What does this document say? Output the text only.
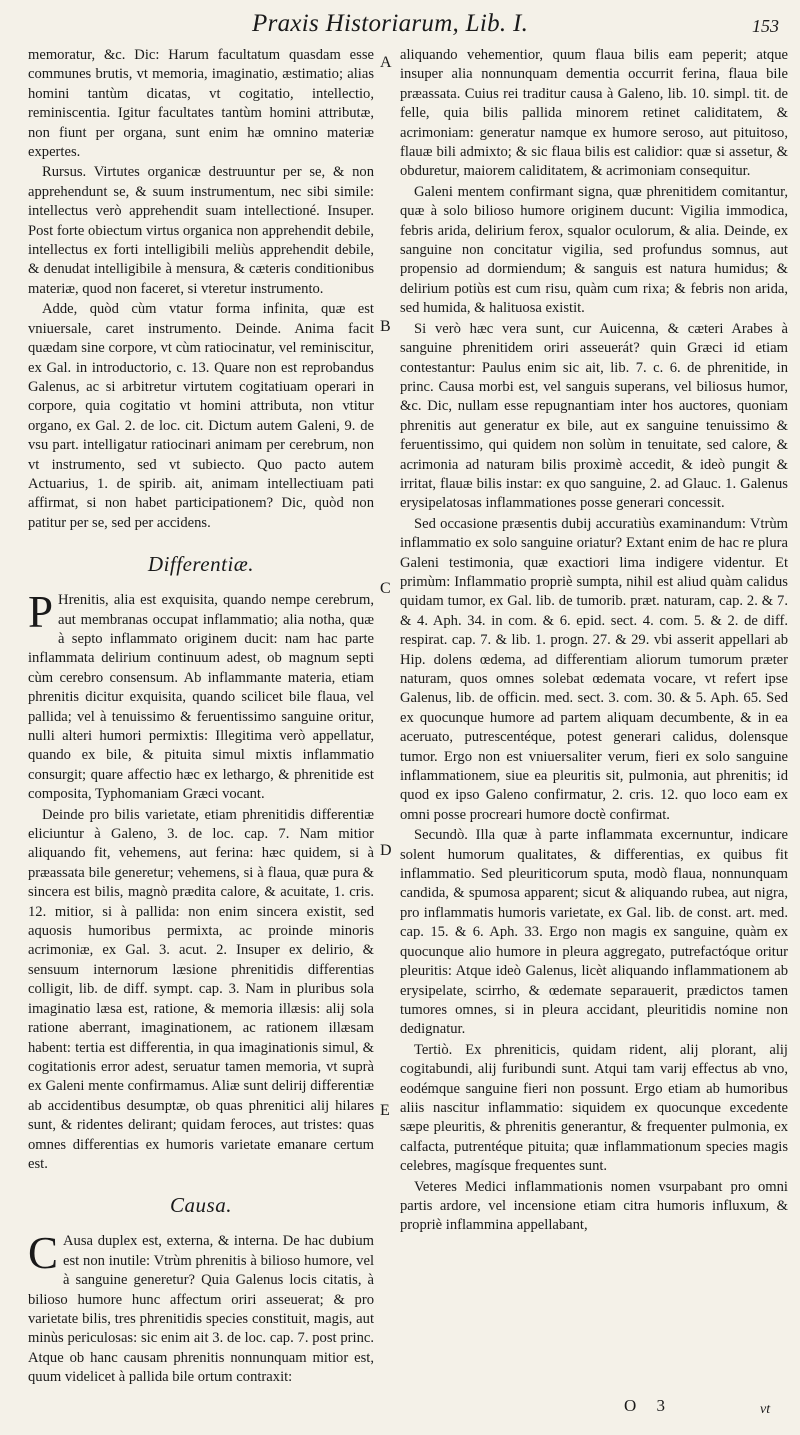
Praxis Historiarum, Lib. I.	153

memoratur, &c. Dic: Harum facultatum quasdam esse communes brutis, vt memoria, imaginatio, æstimatio; alias homini tantùm dicatas, vt cogitatio, intellectio, reminiscentia. Igitur facultates tantùm homini attributæ, non fiunt per organa, sunt enim hæ omnino materiæ expertes.

Rursus. Virtutes organicæ destruuntur per se, & non apprehendunt se, & suum instrumentum, nec sibi simile: intellectus verò apprehendit suam intellectioné. Insuper. Post forte obiectum virtus organica non apprehendit debile, intellectus ex forti intelligibili meliùs apprehendit debile, & denudat intelligibile à mensura, & cæteris conditionibus materiæ, quod non faceret, si vteretur instrumento.

Adde, quòd cùm vtatur forma infinita, quæ est vniuersale, caret instrumento. Deinde. Anima facit quædam sine corpore, vt cùm ratiocinatur, vel reminiscitur, ex Gal. in introductorio, c. 13. Quare non est reprobandus Galenus, ac si arbitretur virtutem cogitatiuam operari in corpore, quia cogitatio vt homini attributa, non vtitur organo, ex Gal. 2. de loc. cit. Dictum autem Galeni, 9. de vsu part. intelligatur ratiocinari animam per cerebrum, non vt instrumento, sed vt subiecto. Quo pacto autem Actuarius, 1. de spirib. ait, animam intellectiuam pati affirmat, si non habet participationem? Dic, quòd non patitur per se, sed per accidens.

Differentiæ.

P Hrenitis, alia est exquisita, quando nempe cerebrum, aut membranas occupat inflammatio; alia notha, quæ à septo inflammato originem ducit: nam hac parte inflammata delirium continuum adest, ob magnum septi cùm cerebro consensum. Ab inflammante materia, etiam phrenitis dicitur exquisita, quando scilicet bile flaua, vel pallida; vel à tenuissimo & feruentissimo sanguine oritur, nulli alteri humori permixtis: Illegitima verò appellatur, quando ex bile, & pituita simul mixtis inflammatio consurgit; quare affectio hæc ex lethargo, & phrenitide est composita, Typhomaniam Græci vocant.

Deinde pro bilis varietate, etiam phrenitidis differentiæ eliciuntur à Galeno, 3. de loc. cap. 7. Nam mitior aliquando fit, vehemens, aut ferina: hæc quidem, si à præassata bile generetur; vehemens, si à flaua, quæ pura & sincera est bilis, magnò prædita calore, & acuitate, 1. cris. 12. mitior, si à pallida: non enim sincera existit, sed aquosis humoribus permixta, ac proinde minoris acrimoniæ, ex Gal. 3. acut. 2. Insuper ex delirio, & sensuum internorum læsione phrenitidis differentias colligit, lib. de diff. sympt. cap. 3. Nam in pluribus sola imaginatio læsa est, ratione, & memoria illæsis: alij sola ratione aberrant, imaginationem, ac rationem illæsam habent: tertia est differentia, in qua imaginationis simul, & cogitationis error adest, seruatur tamen memoria, vt suprà ex Galeni mente confirmamus. Aliæ sunt delirij differentiæ ab accidentibus desumptæ, ob quas phrenitici alij hilares sunt, & ridentes delirant; quidam feroces, aut tristes: quas omnes differentias ex humoris varietate emanare certum est.

Causa.

C Ausa duplex est, externa, & interna. De hac dubium est non inutile: Vtrùm phrenitis à bilioso humore, vel à sanguine generetur? Quia Galenus locis citatis, à bilioso humore hunc affectum oriri asseuerat; & pro varietate bilis, tres phrenitidis species constituit, magis, aut minùs periculosas: sic enim ait 3. de loc. cap. 7. post princ. Atque ob hanc causam phrenitis nonnunquam mitior est, quum videlicet à pallida bile ortum contraxit:

A
B
C
D
E

aliquando vehementior, quum flaua bilis eam peperit; atque insuper alia nonnunquam dementia occurrit ferina, flaua bile præassata. Cuius rei traditur causa à Galeno, lib. 10. simpl. tit. de felle, quia bilis pallida minorem retinet caliditatem, & acrimoniam: generatur namque ex humore seroso, aut pituitoso, flauæ bili admixto; & sic flaua bilis est calidior: quæ si assetur, & obduretur, maiorem caliditatem, & acrimoniam consequitur.

Galeni mentem confirmant signa, quæ phrenitidem comitantur, quæ à solo bilioso humore originem ducunt: Vigilia immodica, febris arida, delirium ferox, squalor oculorum, & alia. Deinde, ex sanguine non concitatur vigilia, sed profundus somnus, aut propensio ad dormiendum; & sanguis est natura humidus; & delirium potiùs est cum risu, quàm cum rixa; & febris non arida, sed humida, & halituosa existit.

Si verò hæc vera sunt, cur Auicenna, & cæteri Arabes à sanguine phrenitidem oriri asseuerát? quin Græci id etiam contestantur: Paulus enim sic ait, lib. 7. c. 6. de phrenitide, in princ. Causa morbi est, vel sanguis superans, vel biliosus humor, &c. Dic, nullam esse repugnantiam inter hos auctores, quoniam phrenitis aut generatur ex bile, aut ex sanguine tenuissimo & feruentissimo, qui quidem non solùm in tenuitate, sed calore, & acrimonia ad naturam bilis proximè accedit, & ideò pungit & irritat, flauæ bilis instar: ex quo sanguine, 2. ad Glauc. 1. Galenus erysipelatosas inflammationes posse generari concessit.

Sed occasione præsentis dubij accuratiùs examinandum: Vtrùm inflammatio ex solo sanguine oriatur? Extant enim de hac re plura Galeni testimonia, quæ exactiori lima indigere videntur. Et primùm: Inflammatio propriè sumpta, nihil est aliud quàm calidus quidam tumor, ex Gal. lib. de tumorib. præt. naturam, cap. 2. & 7. & 4. Aph. 34. in com. & 6. epid. sect. 4. com. 5. & 2. de diff. respirat. cap. 7. & lib. 1. progn. 27. & 29. vbi asserit appellari ab Hip. dolens œdema, ad differentiam aliorum tumorum præter naturam, quos omnes solebat œdemata vocare, vt refert ipse Galenus, lib. de officin. med. sect. 3. com. 30. & 5. Aph. 65. Sed ex quocunque humore ad partem aliquam decumbente, & in ea aceruato, putrescentéque, potest generari calidus, dolensque tumor. Ergo non est vniuersaliter verum, fieri ex solo sanguine inflammationem, siue ea pleuritis sit, pulmonia, aut phrenitis; id quod ex ipso Galeno confirmatur, 2. cris. 12. quo loco eam ex omni posse procreari humore doctè confirmat.

Secundò. Illa quæ à parte inflammata excernuntur, indicare solent humorum qualitates, & differentias, ex quibus fit inflammatio. Sed pleuriticorum sputa, modò flaua, nonnunquam candida, & spumosa apparent; sicut & aliquando rubea, aut nigra, pro inflammatis humoris varietate, ex Gal. lib. de const. art. med. cap. 15. & 6. Aph. 33. Ergo non magis ex sanguine, quàm ex quocunque alio humore in pleura aggregato, putrefactóque oritur pleuritis: Atque ideò Galenus, licèt aliquando inflammationem ab erysipelate, scirrho, & œdemate separauerit, prædictos tamen tumores omnes, si in pleura accidant, pleuritidis nomine non dedignatur.

Tertiò. Ex phreniticis, quidam rident, alij plorant, alij cogitabundi, alij furibundi sunt. Atqui tam varij effectus ab vno, eodémque sanguine fieri non possunt. Ergo etiam ab humoribus aliis nascitur inflammatio: siquidem ex quocunque excedente sæpe pleuritis, & phrenitis generantur, & frequenter pulmonia, ex calfacta, putrentéque pituita; quæ inflammationum species magis celebres, magísque frequentes sunt.

Veteres Medici inflammationis nomen vsurpabant pro omni partis ardore, vel incensione etiam citra humoris influxum, & propriè inflammina appellabant,

O 3	vt
